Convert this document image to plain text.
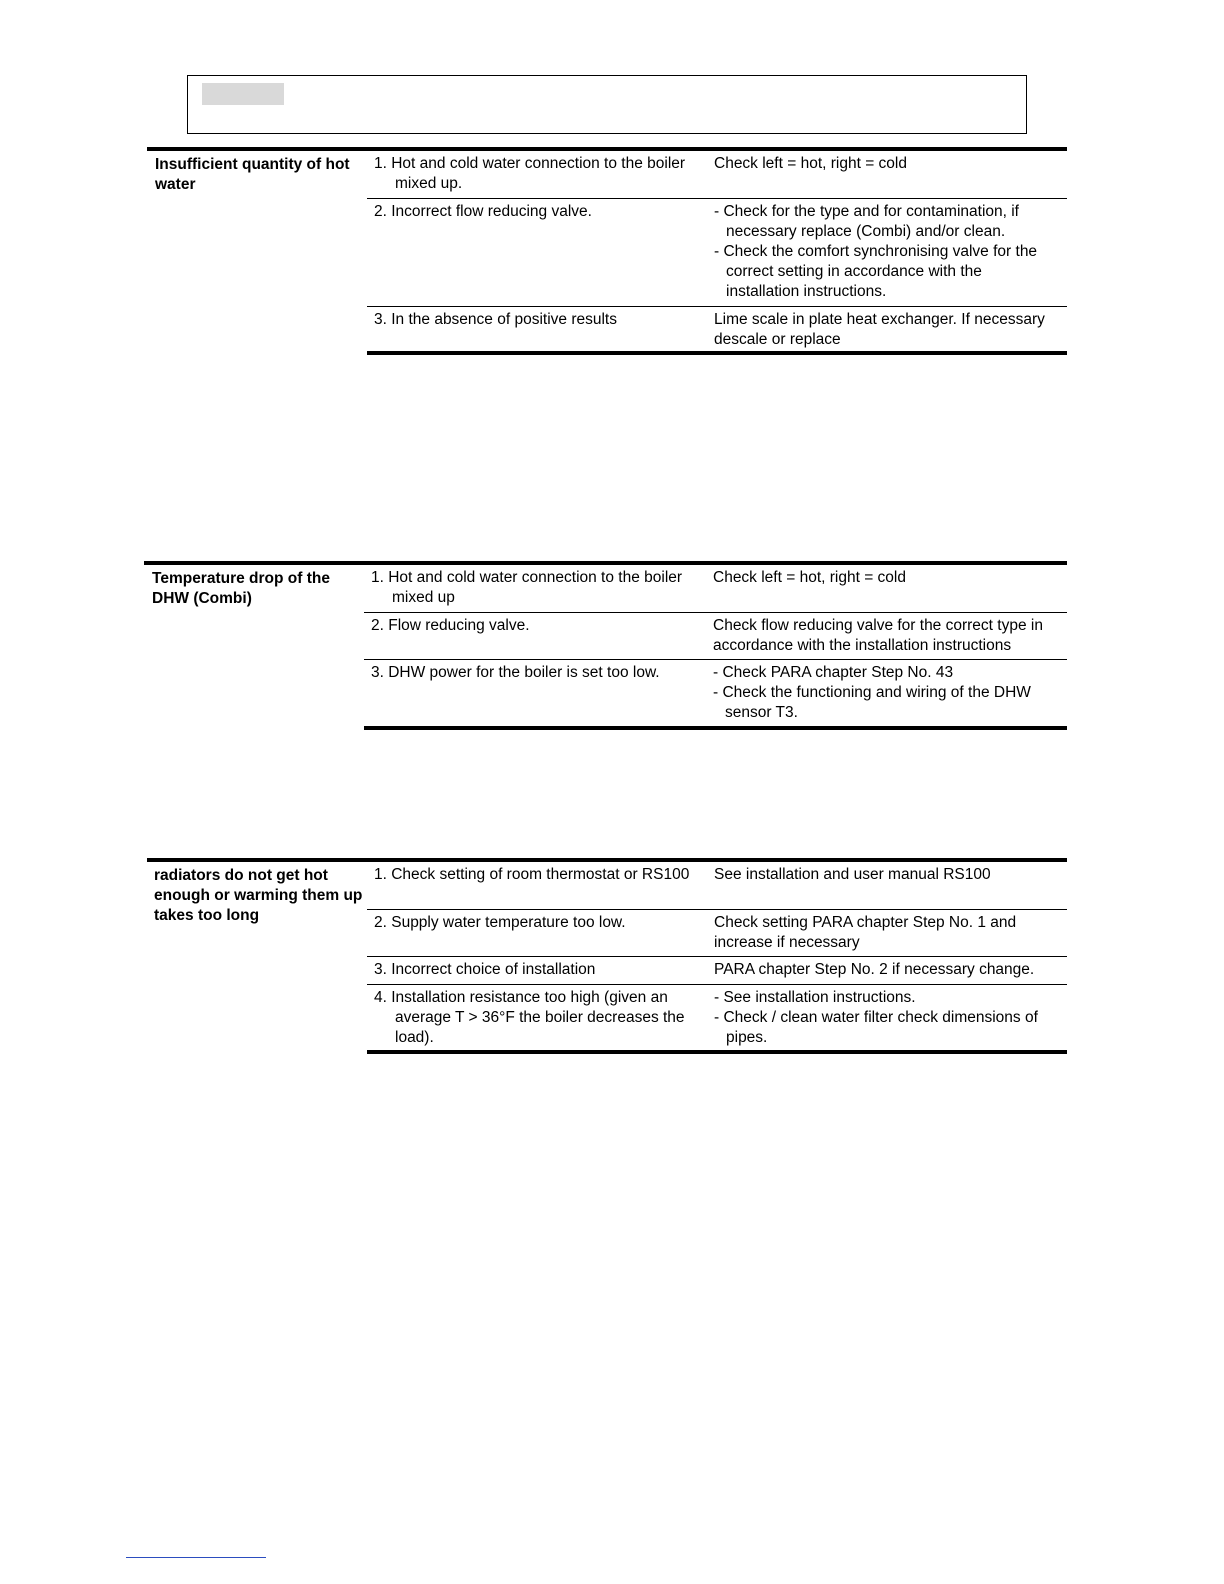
Insufficient quantity of hot water	1. Hot and cold water connection to the boiler mixed up.	Check left = hot, right = cold

	2. Incorrect flow reducing valve.	- Check for the type and for contamination, if necessary replace (Combi) and/or clean.
- Check the comfort synchronising valve for the correct setting in accordance with the installation instructions.

	3. In the absence of positive results	Lime scale in plate heat exchanger. If necessary descale or replace
Temperature drop of the DHW (Combi)	1. Hot and cold water connection to the boiler mixed up	Check left = hot, right = cold

	2. Flow reducing valve.	Check flow reducing valve for the correct type in accordance with the installation instructions

	3. DHW power for the boiler is set too low.	- Check PARA chapter Step No. 43
- Check the functioning and wiring of the DHW sensor T3.
radiators do not get hot enough or warming them up takes too long	1. Check setting of room thermostat or RS100	See installation and user manual RS100

	2. Supply water temperature too low.	Check setting PARA chapter Step No. 1 and increase if necessary

	3. Incorrect choice of installation	PARA chapter Step No. 2 if necessary change.

	4. Installation resistance too high (given an average T > 36°F the boiler decreases the load).	- See installation instructions.
- Check / clean water filter check dimensions of pipes.
